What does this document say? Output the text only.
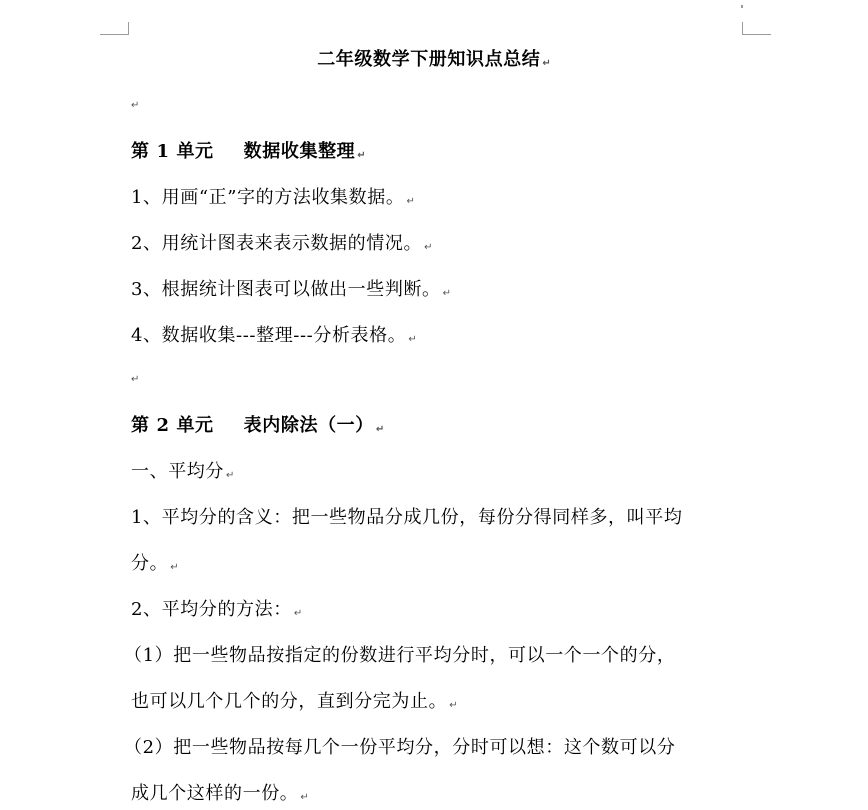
二年级数学下册知识点总结 ↵
↵
第 1 单元 数据收集整理 ↵
1、用画“正”字的方法收集数据。 ↵
2、用统计图表来表示数据的情况。 ↵
3、根据统计图表可以做出一些判断。 ↵
4、数据收集---整理---分析表格。 ↵
↵
第 2 单元 表内除法（一） ↵
一、平均分 ↵
1、平均分的含义：把一些物品分成几份，每份分得同样多，叫平均
分。 ↵
2、平均分的方法： ↵
（1）把一些物品按指定的份数进行平均分时，可以一个一个的分，
也可以几个几个的分，直到分完为止。 ↵
（2）把一些物品按每几个一份平均分，分时可以想：这个数可以分
成几个这样的一份。 ↵
